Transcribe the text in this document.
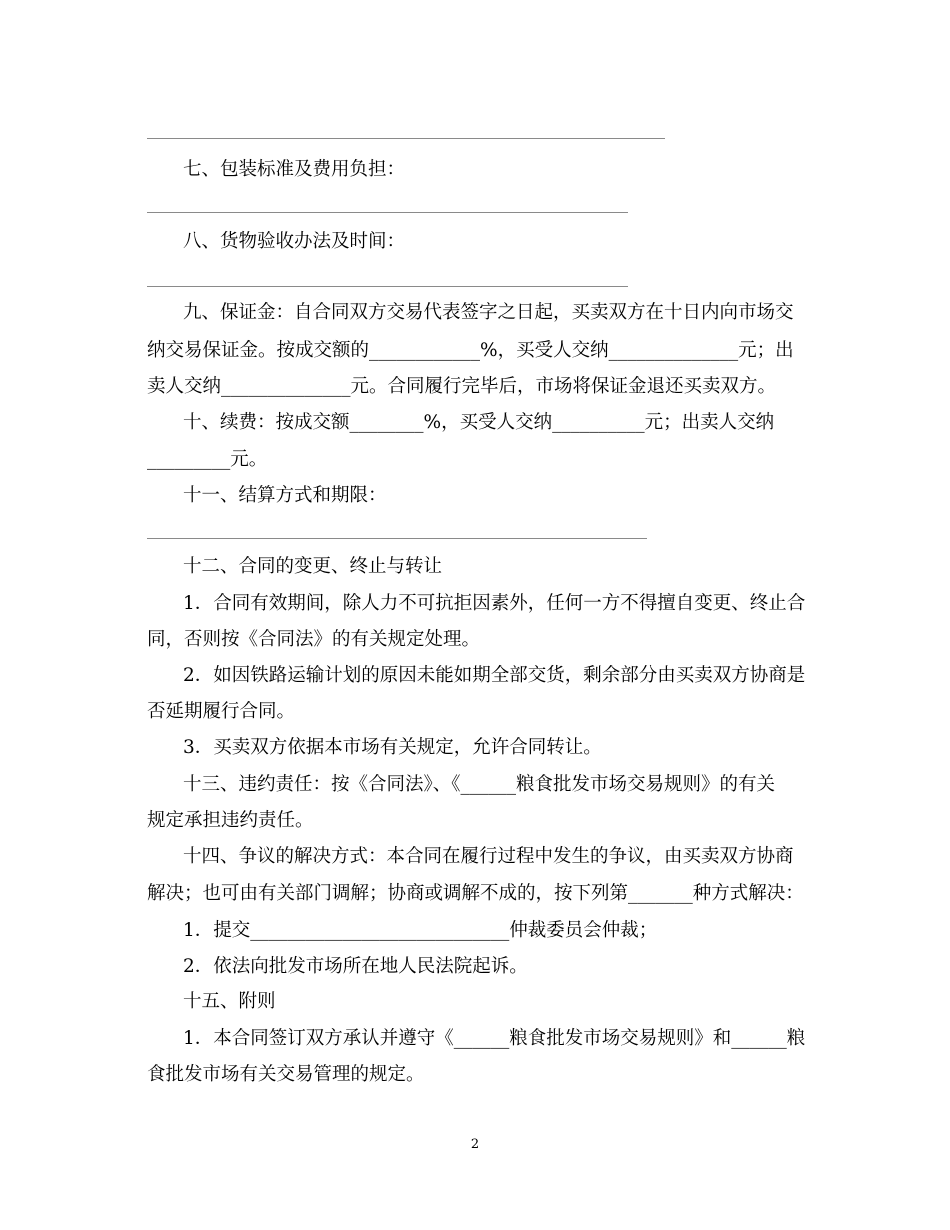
七、包装标准及费用负担：
八、货物验收办法及时间：
九、保证金：自合同双方交易代表签字之日起，买卖双方在十日内向市场交
纳交易保证金。按成交额的____________%，买受人交纳______________元；出
卖人交纳______________元。合同履行完毕后，市场将保证金退还买卖双方。
十、续费：按成交额________%，买受人交纳__________元；出卖人交纳
_________元。
十一、结算方式和期限：
十二、合同的变更、终止与转让
1．合同有效期间，除人力不可抗拒因素外，任何一方不得擅自变更、终止合
同，否则按《合同法》的有关规定处理。
2．如因铁路运输计划的原因未能如期全部交货，剩余部分由买卖双方协商是
否延期履行合同。
3．买卖双方依据本市场有关规定，允许合同转让。
十三、违约责任：按《合同法》、《______粮食批发市场交易规则》的有关
规定承担违约责任。
十四、争议的解决方式：本合同在履行过程中发生的争议，由买卖双方协商
解决；也可由有关部门调解；协商或调解不成的，按下列第_______种方式解决：
1．提交____________________________仲裁委员会仲裁；
2．依法向批发市场所在地人民法院起诉。
十五、附则
1．本合同签订双方承认并遵守《______粮食批发市场交易规则》和______粮
食批发市场有关交易管理的规定。
2
